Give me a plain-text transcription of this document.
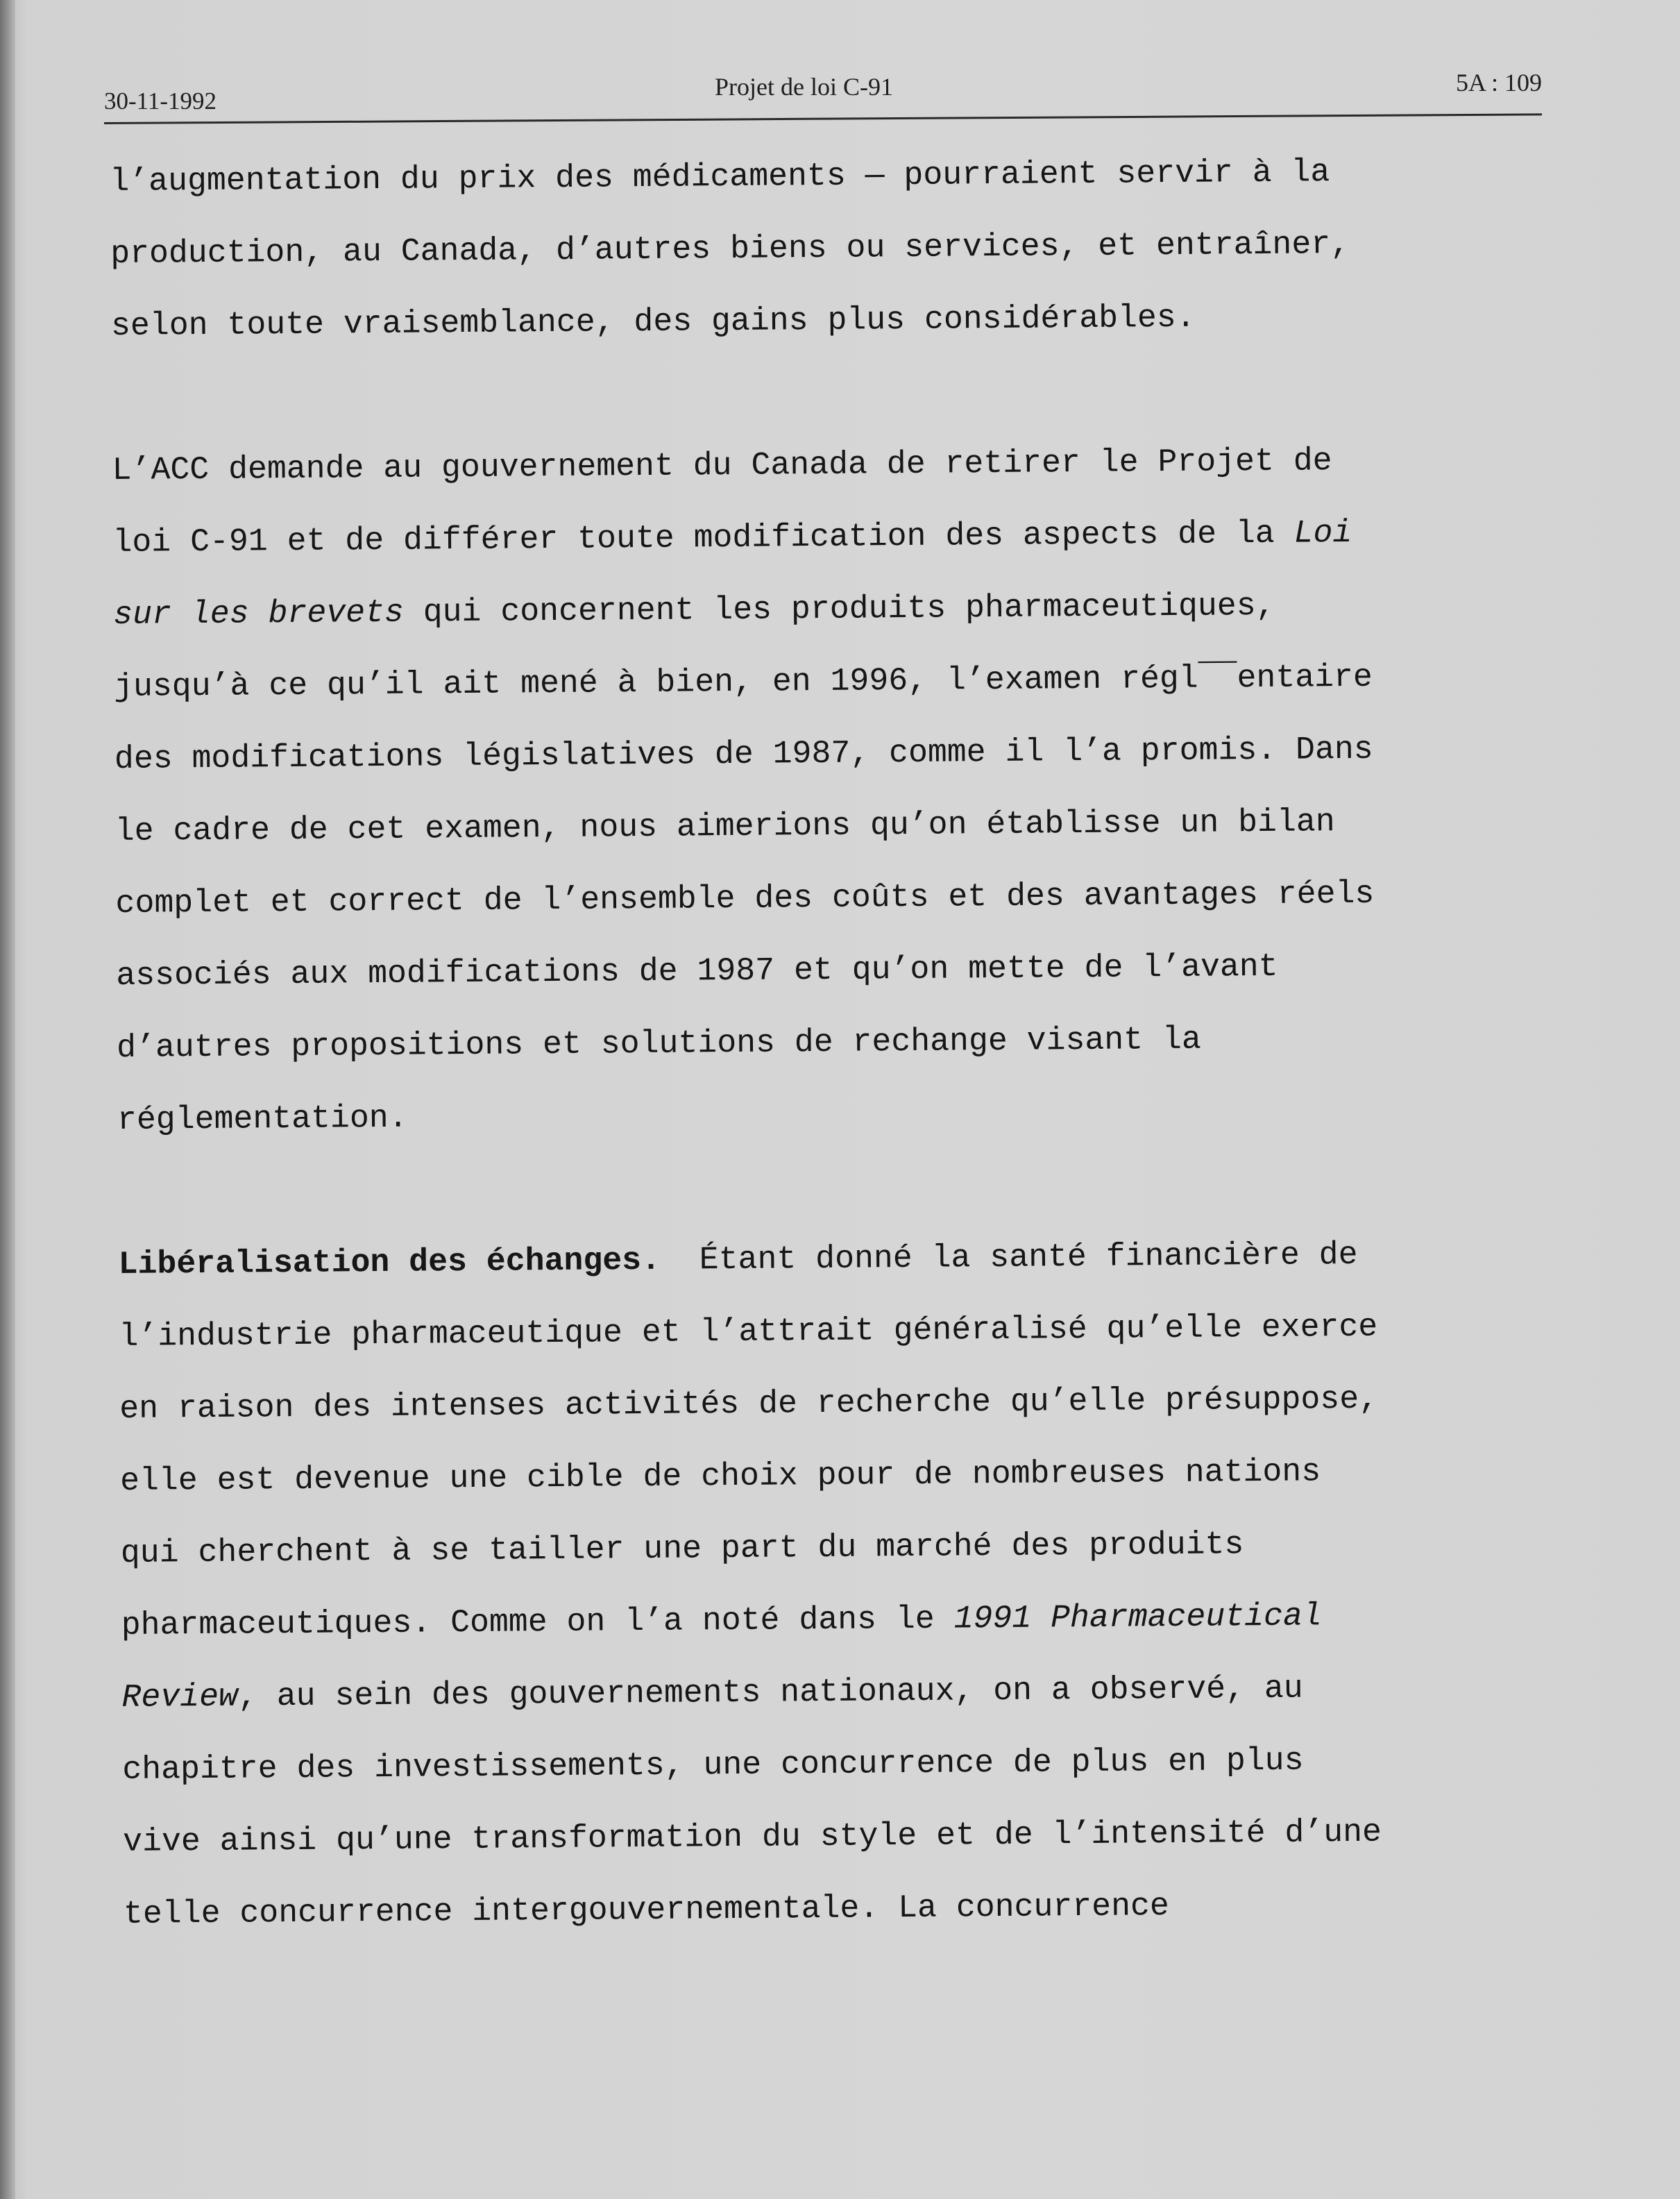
30-11-1992
Projet de loi C-91	5A : 109
l’augmentation du prix des médicaments — pourraient servir à la
production, au Canada, d’autres biens ou services, et entraîner,
selon toute vraisemblance, des gains plus considérables.
L’ACC demande au gouvernement du Canada de retirer le Projet de
loi C-91 et de différer toute modification des aspects de la Loi
sur les brevets qui concernent les produits pharmaceutiques,
jusqu’à ce qu’il ait mené à bien, en 1996, l’examen régl¯¯entaire
des modifications législatives de 1987, comme il l’a promis. Dans
le cadre de cet examen, nous aimerions qu’on établisse un bilan
complet et correct de l’ensemble des coûts et des avantages réels
associés aux modifications de 1987 et qu’on mette de l’avant
d’autres propositions et solutions de rechange visant la
réglementation.
Libéralisation des échanges.  Étant donné la santé financière de
l’industrie pharmaceutique et l’attrait généralisé qu’elle exerce
en raison des intenses activités de recherche qu’elle présuppose,
elle est devenue une cible de choix pour de nombreuses nations
qui cherchent à se tailler une part du marché des produits
pharmaceutiques. Comme on l’a noté dans le 1991 Pharmaceutical
Review, au sein des gouvernements nationaux, on a observé, au
chapitre des investissements, une concurrence de plus en plus
vive ainsi qu’une transformation du style et de l’intensité d’une
telle concurrence intergouvernementale. La concurrence
